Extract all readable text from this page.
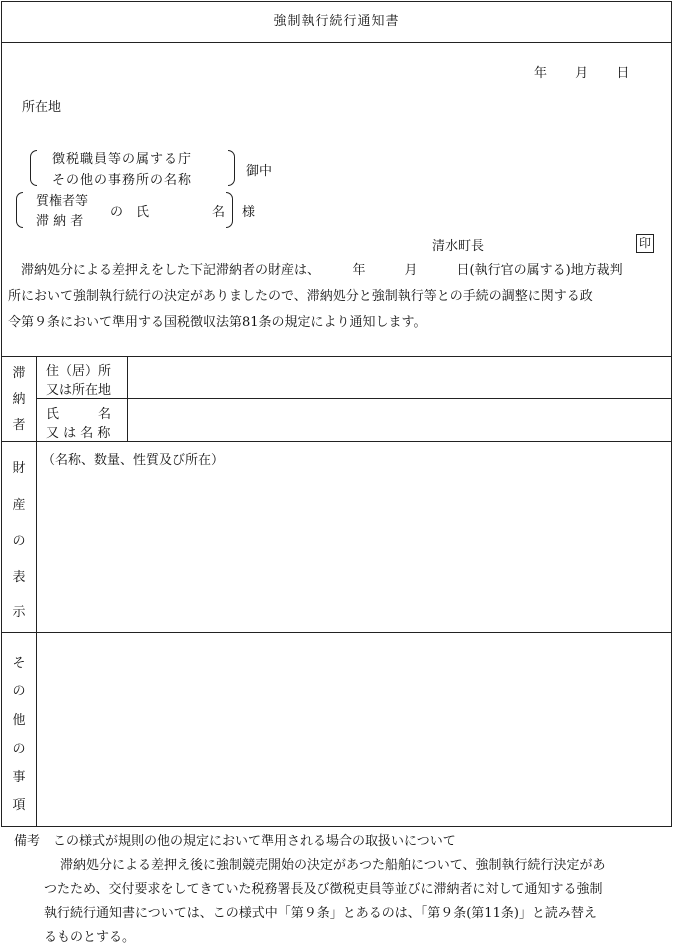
強制執行続行通知書
年 月 日
所在地
徴税職員等の属する庁
その他の事務所の名称
御中
質権者等
滞 納 者
の　氏	名 様
清水町長	印

滞納処分による差押えをした下記滞納者の財産は、　　　年　　　月　　　日(執行官の属する)地方裁判

所において強制執行続行の決定がありましたので、滞納処分と強制執行等との手続の調整に関する政

令第９条において準用する国税徴収法第81条の規定により通知します。

滞
納
者
住（居）所
又は所在地
氏　　　名
又 は 名 称
財
産
の
表
示
（名称、数量、性質及び所在）
そ
の
他
の
事
項
備考　この様式が規則の他の規定において準用される場合の取扱いについて

滞納処分による差押え後に強制競売開始の決定があつた船舶について、強制執行続行決定があ

つたため、交付要求をしてきていた税務署長及び徴税吏員等並びに滞納者に対して通知する強制

執行続行通知書については、この様式中「第９条」とあるのは、「第９条(第11条)」と読み替え

るものとする。
